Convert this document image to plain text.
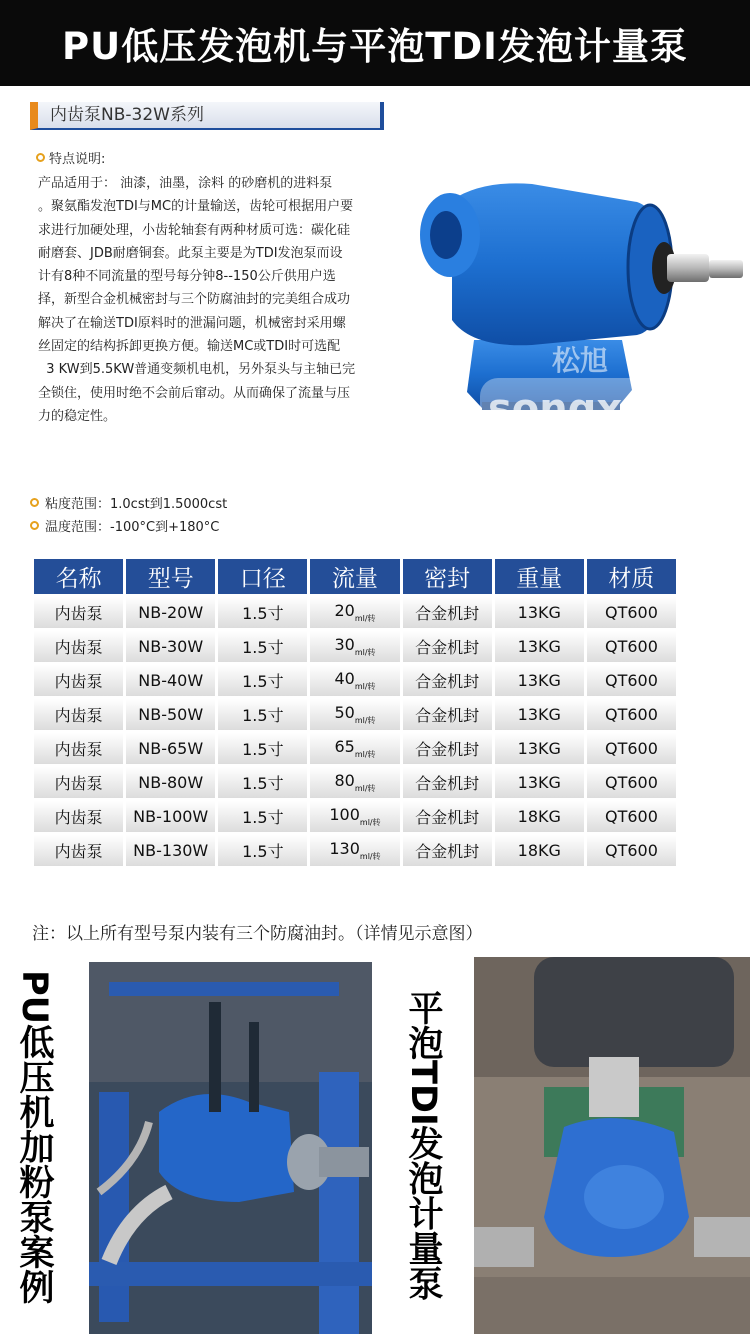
PU低压发泡机与平泡TDI发泡计量泵
内齿泵NB-32W系列
特点说明:
产品适用于： 油漆，油墨，涂料 的砂磨机的进料泵
。聚氨酯发泡TDI与MC的计量输送，齿轮可根据用户要
求进行加硬处理，小齿轮轴套有两种材质可选：碳化硅
耐磨套、JDB耐磨铜套。此泵主要是为TDI发泡泵而设
计有8种不同流量的型号每分钟8--150公斤供用户选
择，新型合金机械密封与三个防腐油封的完美组合成功
解决了在输送TDI原料时的泄漏问题，机械密封采用螺
丝固定的结构拆卸更换方便。输送MC或TDI时可选配
3 KW到5.5KW普通变频机电机，另外泵头与主轴已完
全锁住，使用时绝不会前后窜动。从而确保了流量与压
力的稳定性。
松旭
songxu
粘度范围：1.0cst到1.5000cst
温度范围：-100°C到+180°C
名称	型号	口径	流量	密封	重量	材质
内齿泵	NB-20W	1.5寸	$20_{ml/转}$	合金机封	13KG	QT600
内齿泵	NB-30W	1.5寸	$30_{ml/转}$	合金机封	13KG	QT600
内齿泵	NB-40W	1.5寸	$40_{ml/转}$	合金机封	13KG	QT600
内齿泵	NB-50W	1.5寸	$50_{ml/转}$	合金机封	13KG	QT600
内齿泵	NB-65W	1.5寸	$65_{ml/转}$	合金机封	13KG	QT600
内齿泵	NB-80W	1.5寸	$80_{ml/转}$	合金机封	13KG	QT600
内齿泵	NB-100W	1.5寸	$100_{ml/转}$	合金机封	18KG	QT600
内齿泵	NB-130W	1.5寸	$130_{ml/转}$	合金机封	18KG	QT600
注：以上所有型号泵内装有三个防腐油封。（详情见示意图）
PU低压机加粉泵案例	平泡TDI发泡计量泵
